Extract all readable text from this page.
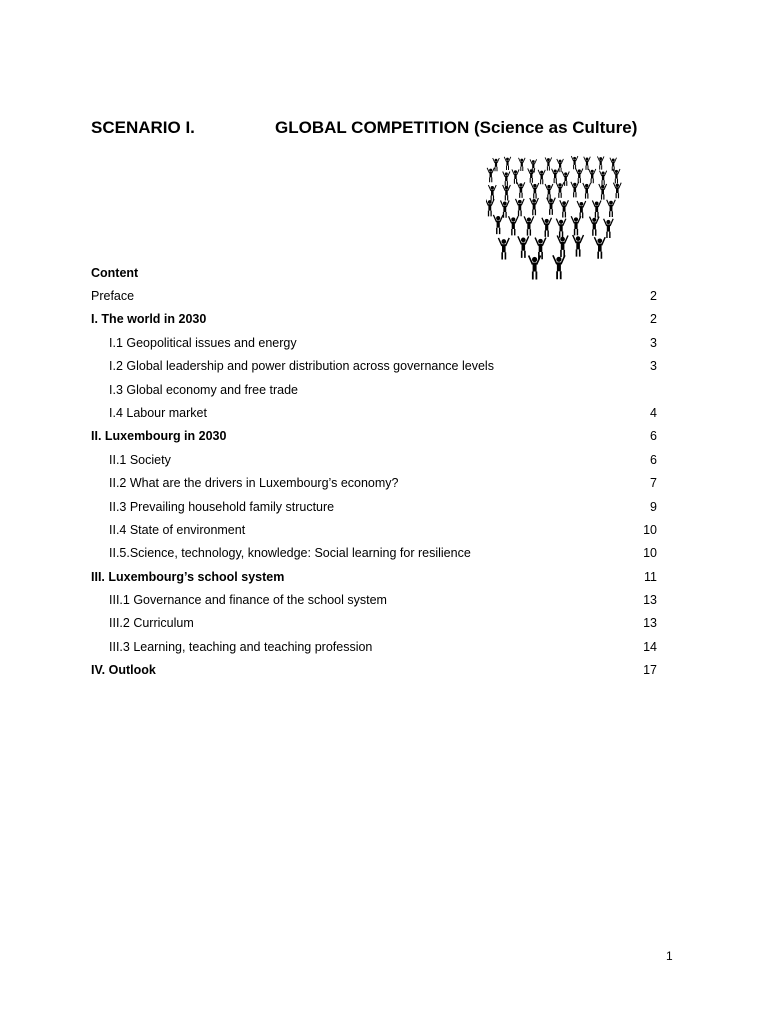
SCENARIO I.	GLOBAL COMPETITION (Science as Culture)
Content
Preface	2
I. The world in 2030	2
I.1 Geopolitical issues and energy	3
I.2 Global leadership and power distribution across governance levels	3
I.3 Global economy and free trade
I.4 Labour market	4
II. Luxembourg in 2030	6
II.1 Society	6
II.2 What are the drivers in Luxembourg’s economy?	7
II.3 Prevailing household family structure	9
II.4 State of environment	10
II.5.Science, technology, knowledge: Social learning for resilience	10
III. Luxembourg’s school system	11
III.1 Governance and finance of the school system	13
III.2 Curriculum	13
III.3 Learning, teaching and teaching profession	14
IV. Outlook	17
1
